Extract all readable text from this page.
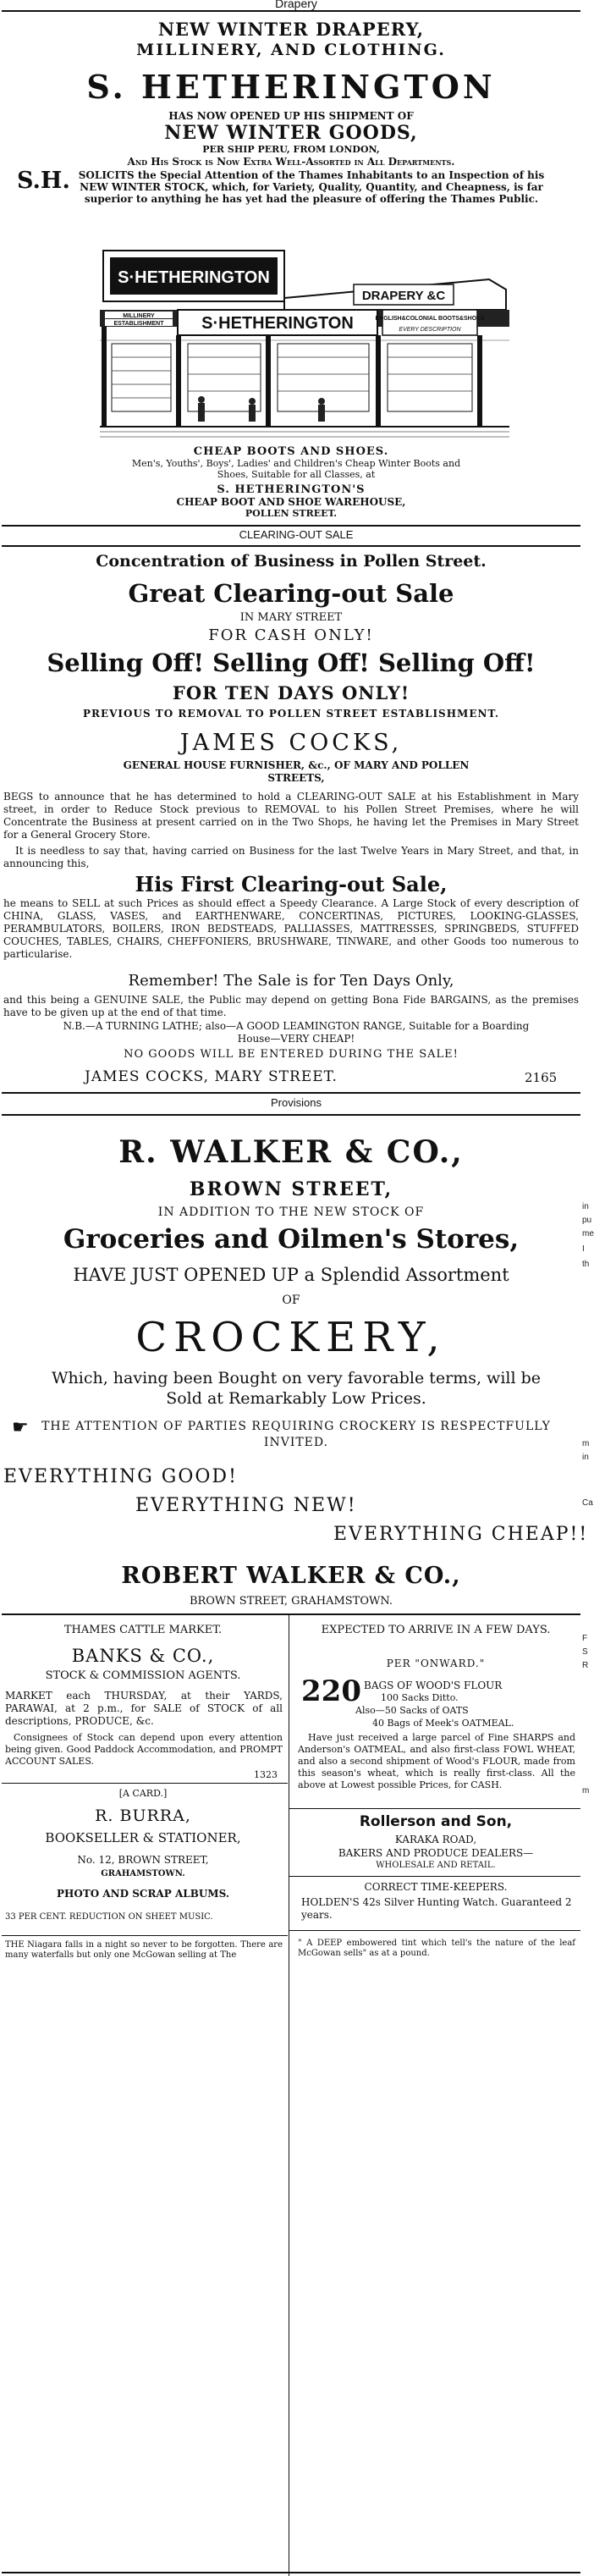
Drapery
NEW WINTER DRAPERY,
MILLINERY, AND CLOTHING.
S. HETHERINGTON
HAS NOW OPENED UP HIS SHIPMENT OF
NEW WINTER GOODS,
PER SHIP PERU, FROM LONDON,
And His Stock is Now Extra Well-Assorted in All Departments.
S.H. SOLICITS the Special Attention of the Thames Inhabitants to an Inspection of his NEW WINTER STOCK, which, for Variety, Quality, Quantity, and Cheapness, is far superior to anything he has yet had the pleasure of offering the Thames Public.
S·HETHERINGTON
DRAPERY &C
MILLINERY
ESTABLISHMENT S·HETHERINGTON	ENGLISH&COLONIAL BOOTS&SHOES
EVERY DESCRIPTION
CHEAP BOOTS AND SHOES.
Men's, Youths', Boys', Ladies' and Children's Cheap Winter Boots and Shoes, Suitable for all Classes, at
S. HETHERINGTON'S
CHEAP BOOT AND SHOE WAREHOUSE,
POLLEN STREET.
CLEARING-OUT SALE
Concentration of Business in Pollen Street.
Great Clearing-out Sale
IN MARY STREET
FOR CASH ONLY!
Selling Off! Selling Off! Selling Off!
FOR TEN DAYS ONLY!
PREVIOUS TO REMOVAL TO POLLEN STREET ESTABLISHMENT.
JAMES COCKS,
GENERAL HOUSE FURNISHER, &c., OF MARY AND POLLEN STREETS,
BEGS to announce that he has determined to hold a CLEARING-OUT SALE at his Establishment in Mary street, in order to Reduce Stock previous to REMOVAL to his Pollen Street Premises, where he will Concentrate the Business at present carried on in the Two Shops, he having let the Premises in Mary Street for a General Grocery Store.
It is needless to say that, having carried on Business for the last Twelve Years in Mary Street, and that, in announcing this,
His First Clearing-out Sale,
he means to SELL at such Prices as should effect a Speedy Clearance. A Large Stock of every description of CHINA, GLASS, VASES, and EARTHENWARE, CONCERTINAS, PICTURES, LOOKING-GLASSES, PERAMBULATORS, BOILERS, IRON BEDSTEADS, PALLIASSES, MATTRESSES, SPRINGBEDS, STUFFED COUCHES, TABLES, CHAIRS, CHEFFONIERS, BRUSHWARE, TINWARE, and other Goods too numerous to particularise.
Remember! The Sale is for Ten Days Only,
and this being a GENUINE SALE, the Public may depend on getting Bona Fide BARGAINS, as the premises have to be given up at the end of that time.
N.B.—A TURNING LATHE; also—A GOOD LEAMINGTON RANGE, Suitable for a Boarding House—VERY CHEAP!
NO GOODS WILL BE ENTERED DURING THE SALE!
JAMES COCKS, MARY STREET.	2165
Provisions
R. WALKER & CO.,
BROWN STREET,
IN ADDITION TO THE NEW STOCK OF
Groceries and Oilmen's Stores,
HAVE JUST OPENED UP a Splendid Assortment
OF
CROCKERY,
Which, having been Bought on very favorable terms, will be Sold at Remarkably Low Prices.
☛	THE ATTENTION OF PARTIES REQUIRING CROCKERY IS RESPECTFULLY INVITED.
EVERYTHING GOOD!
EVERYTHING NEW!
EVERYTHING CHEAP!!
ROBERT WALKER & CO.,
BROWN STREET, GRAHAMSTOWN.
THAMES CATTLE MARKET.
BANKS & CO.,
STOCK & COMMISSION AGENTS.
MARKET each THURSDAY, at their YARDS, PARAWAI, at 2 p.m., for SALE of STOCK of all descriptions, PRODUCE, &c.
Consignees of Stock can depend upon every attention being given. Good Paddock Accommodation, and PROMPT ACCOUNT SALES.
1323
[A CARD.]
R. BURRA,
BOOKSELLER & STATIONER,
No. 12, BROWN STREET,
GRAHAMSTOWN.
PHOTO AND SCRAP ALBUMS.
33 PER CENT. REDUCTION ON SHEET MUSIC.
THE Niagara falls in a night so never to be forgotten. There are many waterfalls but only one McGowan selling at The
EXPECTED TO ARRIVE IN A FEW DAYS.
PER "ONWARD."
220 BAGS OF WOOD'S FLOUR
100 Sacks Ditto.
Also—50 Sacks of OATS
40 Bags of Meek's OATMEAL.
Have just received a large parcel of Fine SHARPS and Anderson's OATMEAL, and also first-class FOWL WHEAT, and also a second shipment of Wood's FLOUR, made from this season's wheat, which is really first-class. All the above at Lowest possible Prices, for CASH.
Rollerson and Son,
KARAKA ROAD,
BAKERS AND PRODUCE DEALERS—
WHOLESALE AND RETAIL.
CORRECT TIME-KEEPERS.
HOLDEN'S 42s Silver Hunting Watch. Guaranteed 2 years.
" A DEEP embowered tint which tell's the nature of the leaf McGowan sells" as at a pound.
in
pu
me
I
th
m
in
Ca
F
S
R
m
